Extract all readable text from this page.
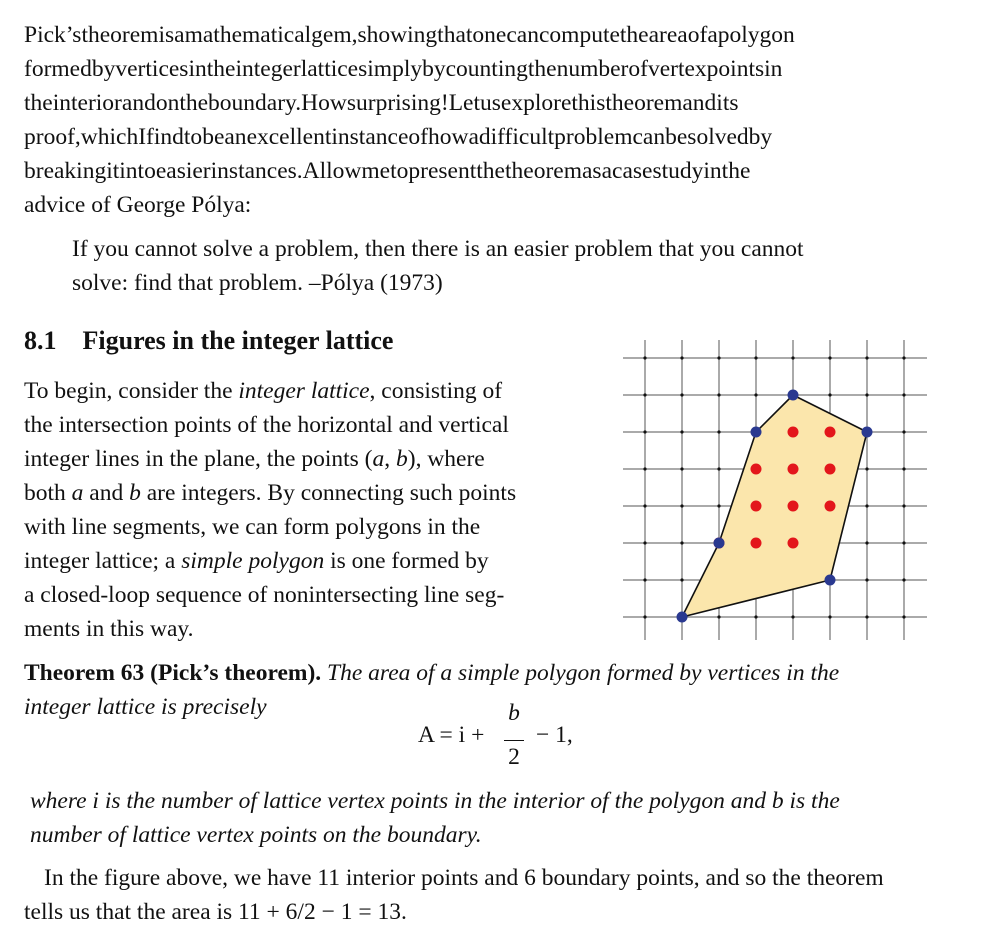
Pick’stheoremisamathematicalgem,showingthatonecancomputetheareaofapolygon
formedbyverticesintheintegerlatticesimplybycountingthenumberofvertexpointsin
theinteriorandontheboundary.Howsurprising!Letusexplorethistheoremandits
proof,whichIfindtobeanexcellentinstanceofhowadifficultproblemcanbesolvedby
breakingitintoeasierinstances.Allowmetopresentthetheoremasacasestudyinthe
advice of George Pólya:
If you cannot solve a problem, then there is an easier problem that you cannot
solve: find that problem. –Pólya (1973)
8.1 Figures in the integer lattice
To begin, consider the integer lattice, consisting of
the intersection points of the horizontal and vertical
integer lines in the plane, the points (a, b), where
both a and b are integers. By connecting such points
with line segments, we can form polygons in the
integer lattice; a simple polygon is one formed by
a closed-loop sequence of nonintersecting line seg-
ments in this way.
Theorem 63 (Pick’s theorem). The area of a simple polygon formed by vertices in the
integer lattice is precisely
A = i +
b
2
− 1,
where i is the number of lattice vertex points in the interior of the polygon and b is the
number of lattice vertex points on the boundary.
In the figure above, we have 11 interior points and 6 boundary points, and so the theorem
tells us that the area is 11 + 6/2 − 1 = 13.
